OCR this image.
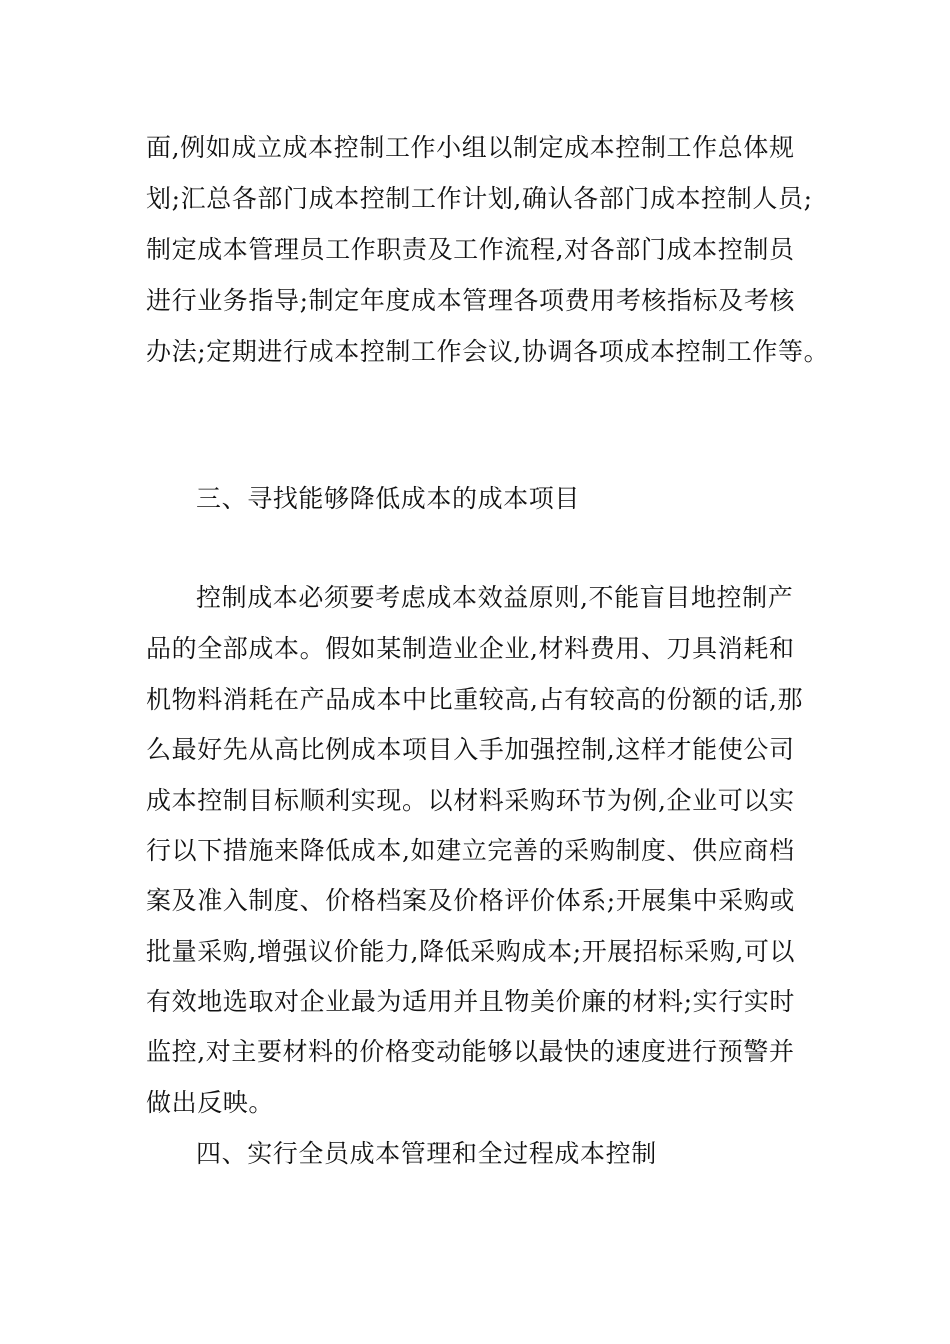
面,例如成立成本控制工作小组以制定成本控制工作总体规
划;汇总各部门成本控制工作计划,确认各部门成本控制人员;
制定成本管理员工作职责及工作流程,对各部门成本控制员
进行业务指导;制定年度成本管理各项费用考核指标及考核
办法;定期进行成本控制工作会议,协调各项成本控制工作等。
三、寻找能够降低成本的成本项目
控制成本必须要考虑成本效益原则,不能盲目地控制产
品的全部成本。假如某制造业企业,材料费用、刀具消耗和
机物料消耗在产品成本中比重较高,占有较高的份额的话,那
么最好先从高比例成本项目入手加强控制,这样才能使公司
成本控制目标顺利实现。以材料采购环节为例,企业可以实
行以下措施来降低成本,如建立完善的采购制度、供应商档
案及准入制度、价格档案及价格评价体系;开展集中采购或
批量采购,增强议价能力,降低采购成本;开展招标采购,可以
有效地选取对企业最为适用并且物美价廉的材料;实行实时
监控,对主要材料的价格变动能够以最快的速度进行预警并
做出反映。
四、实行全员成本管理和全过程成本控制
